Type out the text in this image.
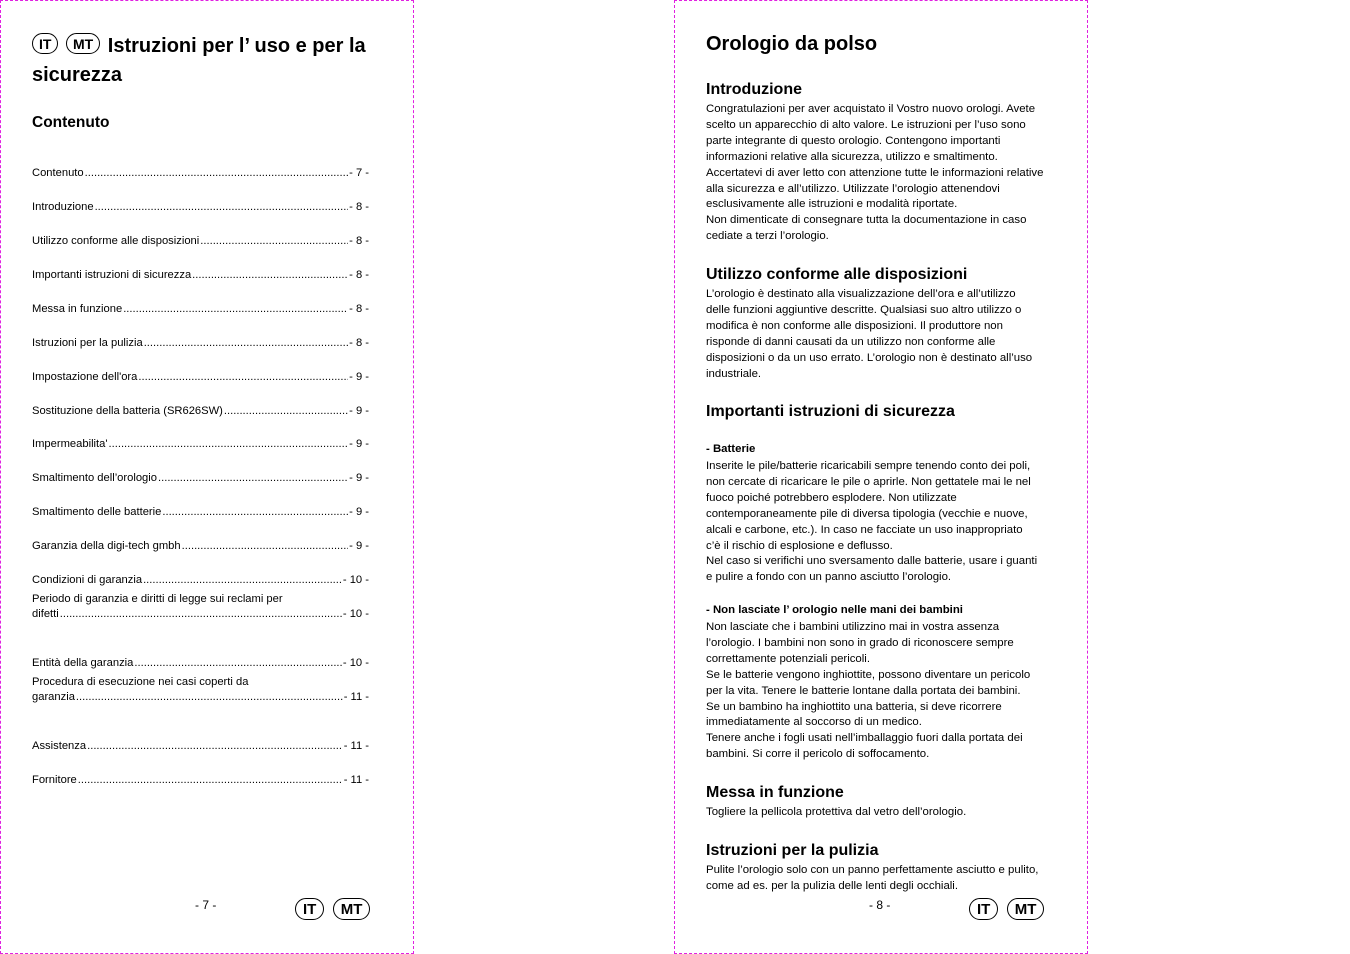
IT MT Istruzioni per l’ uso e per la sicurezza
Contenuto
Contenuto .....	- 7 -
Introduzione .....	- 8 -
Utilizzo conforme alle disposizioni .....	- 8 -
Importanti istruzioni di sicurezza .....	- 8 -
Messa in funzione .....	- 8 -
Istruzioni per la pulizia .....	- 8 -
Impostazione dell'ora .....	- 9 -
Sostituzione della batteria (SR626SW) .....	- 9 -
Impermeabilita' .....	- 9 -
Smaltimento dell’orologio .....	- 9 -
Smaltimento delle batterie .....	- 9 -
Garanzia della digi-tech gmbh .....	- 9 -
Condizioni di garanzia .....	- 10 -
Periodo di garanzia e diritti di legge sui reclami per
difetti .....	- 10 -
Entità della garanzia .....	- 10 -
Procedura di esecuzione nei casi coperti da
garanzia .....	- 11 -
Assistenza .....	- 11 -
Fornitore .....	- 11 -
- 7 -	IT MT
Orologio da polso
Introduzione
Congratulazioni per aver acquistato il Vostro nuovo orologi. Avete
scelto un apparecchio di alto valore. Le istruzioni per l’uso sono
parte integrante di questo orologio. Contengono importanti
informazioni relative alla sicurezza, utilizzo e smaltimento.
Accertatevi di aver letto con attenzione tutte le informazioni relative
alla sicurezza e all’utilizzo. Utilizzate l’orologio attenendovi
esclusivamente alle istruzioni e modalità riportate.
Non dimenticate di consegnare tutta la documentazione in caso
cediate a terzi l’orologio.
Utilizzo conforme alle disposizioni
L’orologio è destinato alla visualizzazione dell’ora e all’utilizzo
delle funzioni aggiuntive descritte. Qualsiasi suo altro utilizzo o
modifica è non conforme alle disposizioni. Il produttore non
risponde di danni causati da un utilizzo non conforme alle
disposizioni o da un uso errato. L’orologio non è destinato all’uso
industriale.
Importanti istruzioni di sicurezza
- Batterie
Inserite le pile/batterie ricaricabili sempre tenendo conto dei poli,
non cercate di ricaricare le pile o aprirle. Non gettatele mai le nel
fuoco poiché potrebbero esplodere. Non utilizzate
contemporaneamente pile di diversa tipologia (vecchie e nuove,
alcali e carbone, etc.). In caso ne facciate un uso inappropriato
c’è il rischio di esplosione e deflusso.
Nel caso si verifichi uno sversamento dalle batterie, usare i guanti
e pulire a fondo con un panno asciutto l’orologio.
- Non lasciate l’ orologio nelle mani dei bambini
Non lasciate che i bambini utilizzino mai in vostra assenza
l’orologio. I bambini non sono in grado di riconoscere sempre
correttamente potenziali pericoli.
Se le batterie vengono inghiottite, possono diventare un pericolo
per la vita. Tenere le batterie lontane dalla portata dei bambini.
Se un bambino ha inghiottito una batteria, si deve ricorrere
immediatamente al soccorso di un medico.
Tenere anche i fogli usati nell’imballaggio fuori dalla portata dei
bambini. Si corre il pericolo di soffocamento.
Messa in funzione
Togliere la pellicola protettiva dal vetro dell’orologio.
Istruzioni per la pulizia
Pulite l’orologio solo con un panno perfettamente asciutto e pulito,
come ad es. per la pulizia delle lenti degli occhiali.
- 8 -	IT MT
